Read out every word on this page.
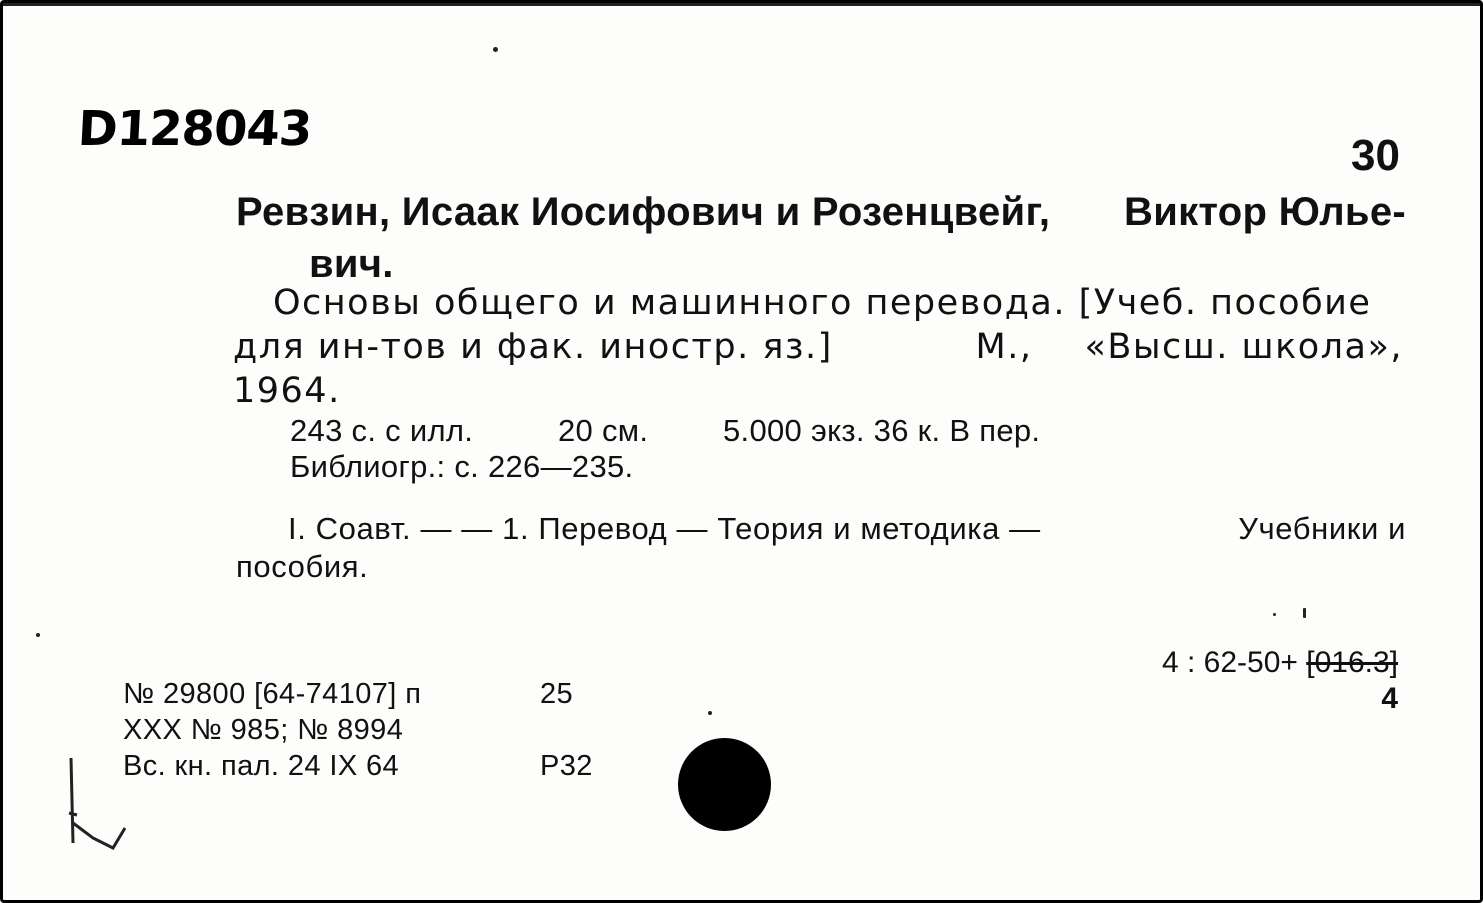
D128043	30
Ревзин, Исаак Иосифович и Розенцвейг, Виктор Юлье-
вич.
Основы общего и машинного перевода. [Учеб. пособие
для ин-тов и фак. иностр. яз.]	М., «Высш. школа»,
1964.
243 с. с илл.	20 см. 5.000 экз. 36 к. В пер.
Библиогр.: с. 226—235.
I. Соавт. — — 1. Перевод — Теория и методика —	Учебники и
пособия.
4 : 62-50+ [016.3]
4
№ 29800 [64-74107] п	25
XXX № 985; № 8994
Вс. кн. пал. 24 IX 64	Р32
